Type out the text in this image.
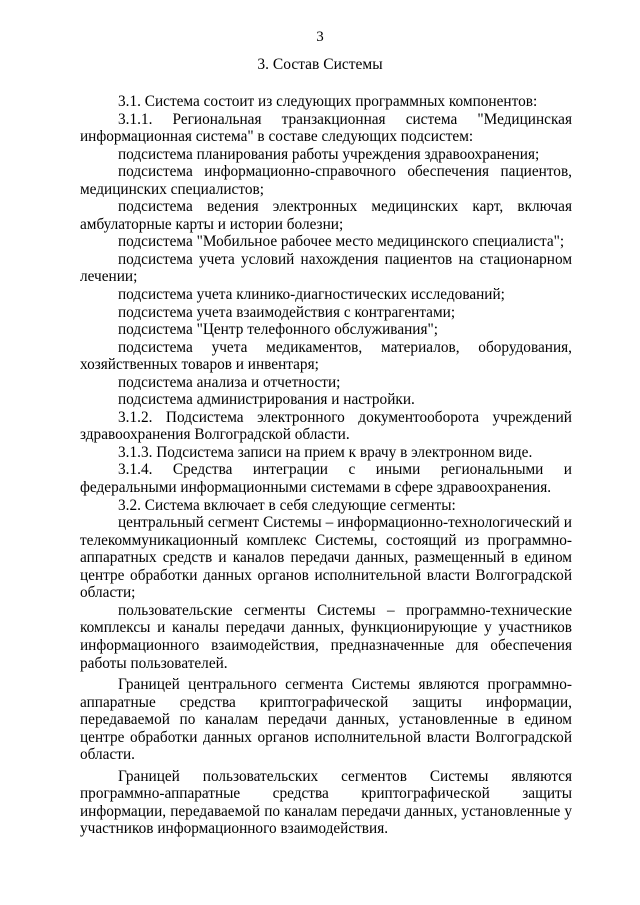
3
3. Состав Системы

3.1. Система состоит из следующих программных компонентов:

3.1.1. Региональная транзакционная система "Медицинская информационная система" в составе следующих подсистем:

подсистема планирования работы учреждения здравоохранения;

подсистема информационно-справочного обеспечения пациентов, медицинских специалистов;

подсистема ведения электронных медицинских карт, включая амбулаторные карты и истории болезни;

подсистема "Мобильное рабочее место медицинского специалиста";

подсистема учета условий нахождения пациентов на стационарном лечении;

подсистема учета клинико-диагностических исследований;

подсистема учета взаимодействия с контрагентами;

подсистема "Центр телефонного обслуживания";

подсистема учета медикаментов, материалов, оборудования, хозяйственных товаров и инвентаря;

подсистема анализа и отчетности;

подсистема администрирования и настройки.

3.1.2. Подсистема электронного документооборота учреждений здравоохранения Волгоградской области.

3.1.3. Подсистема записи на прием к врачу в электронном виде.

3.1.4. Средства интеграции с иными региональными и федеральными информационными системами в сфере здравоохранения.

3.2. Система включает в себя следующие сегменты:

центральный сегмент Системы – информационно-технологический и телекоммуникационный комплекс Системы, состоящий из программно-аппаратных средств и каналов передачи данных, размещенный в едином центре обработки данных органов исполнительной власти Волгоградской области;

пользовательские сегменты Системы – программно-технические комплексы и каналы передачи данных, функционирующие у участников информационного взаимодействия, предназначенные для обеспечения работы пользователей.

Границей центрального сегмента Системы являются программно-аппаратные средства криптографической защиты информации, передаваемой по каналам передачи данных, установленные в едином центре обработки данных органов исполнительной власти Волгоградской области.

Границей пользовательских сегментов Системы являются программно-аппаратные средства криптографической защиты информации, передаваемой по каналам передачи данных, установленные у участников информационного взаимодействия.
